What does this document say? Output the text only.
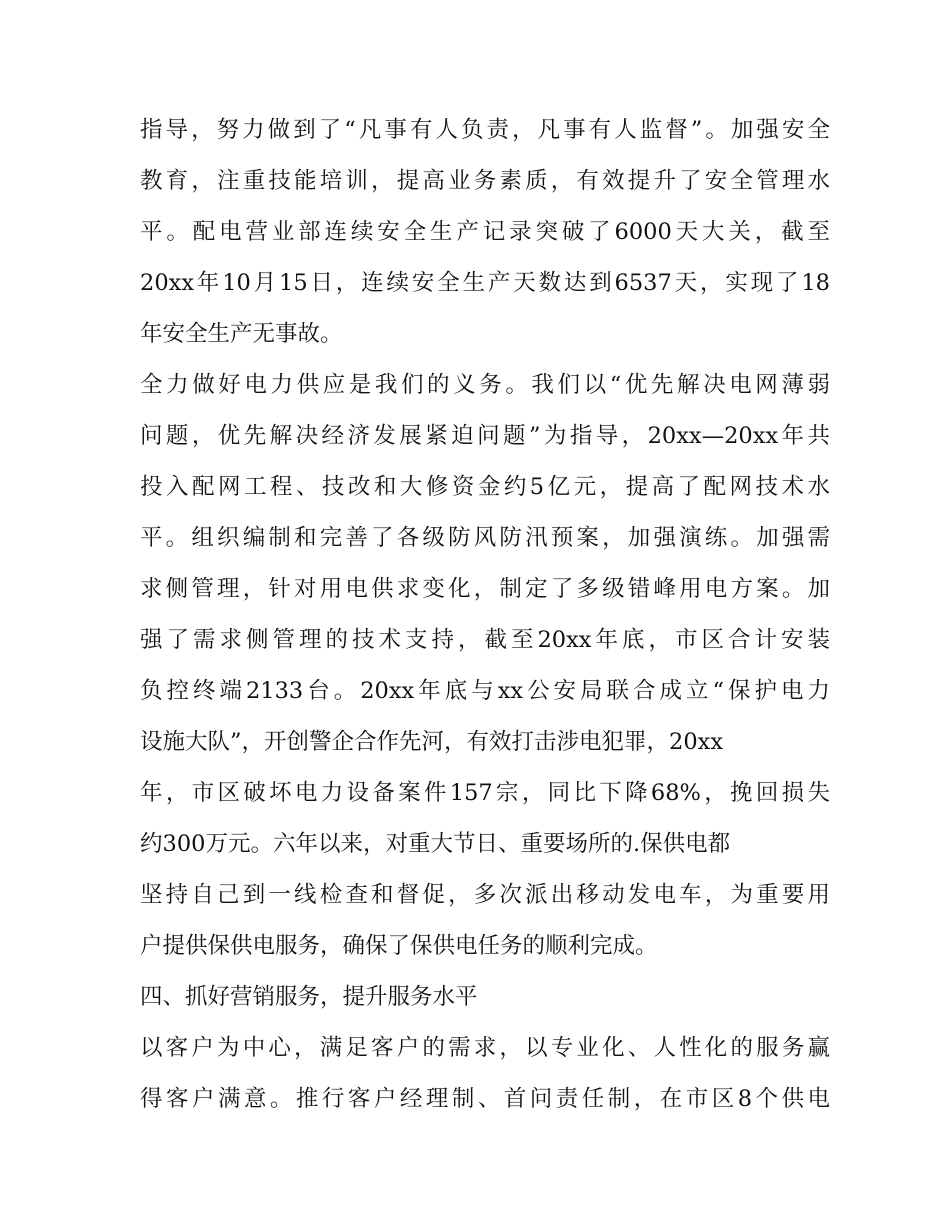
指导，努力做到了“凡事有人负责，凡事有人监督”。加强安全
教育，注重技能培训，提高业务素质，有效提升了安全管理水
平。配电营业部连续安全生产记录突破了6000天大关，截至
20xx年10月15日，连续安全生产天数达到6537天，实现了18
年安全生产无事故。
全力做好电力供应是我们的义务。我们以“优先解决电网薄弱
问题，优先解决经济发展紧迫问题”为指导，20xx—20xx年共
投入配网工程、技改和大修资金约5亿元，提高了配网技术水
平。组织编制和完善了各级防风防汛预案，加强演练。加强需
求侧管理，针对用电供求变化，制定了多级错峰用电方案。加
强了需求侧管理的技术支持，截至20xx年底，市区合计安装
负控终端2133台。20xx年底与xx公安局联合成立“保护电力
设施大队”，开创警企合作先河，有效打击涉电犯罪，20xx
年，市区破坏电力设备案件157宗，同比下降68%，挽回损失
约300万元。六年以来，对重大节日、重要场所的.保供电都
坚持自己到一线检查和督促，多次派出移动发电车，为重要用
户提供保供电服务，确保了保供电任务的顺利完成。
四、抓好营销服务，提升服务水平
以客户为中心，满足客户的需求，以专业化、人性化的服务赢
得客户满意。推行客户经理制、首问责任制，在市区8个供电
